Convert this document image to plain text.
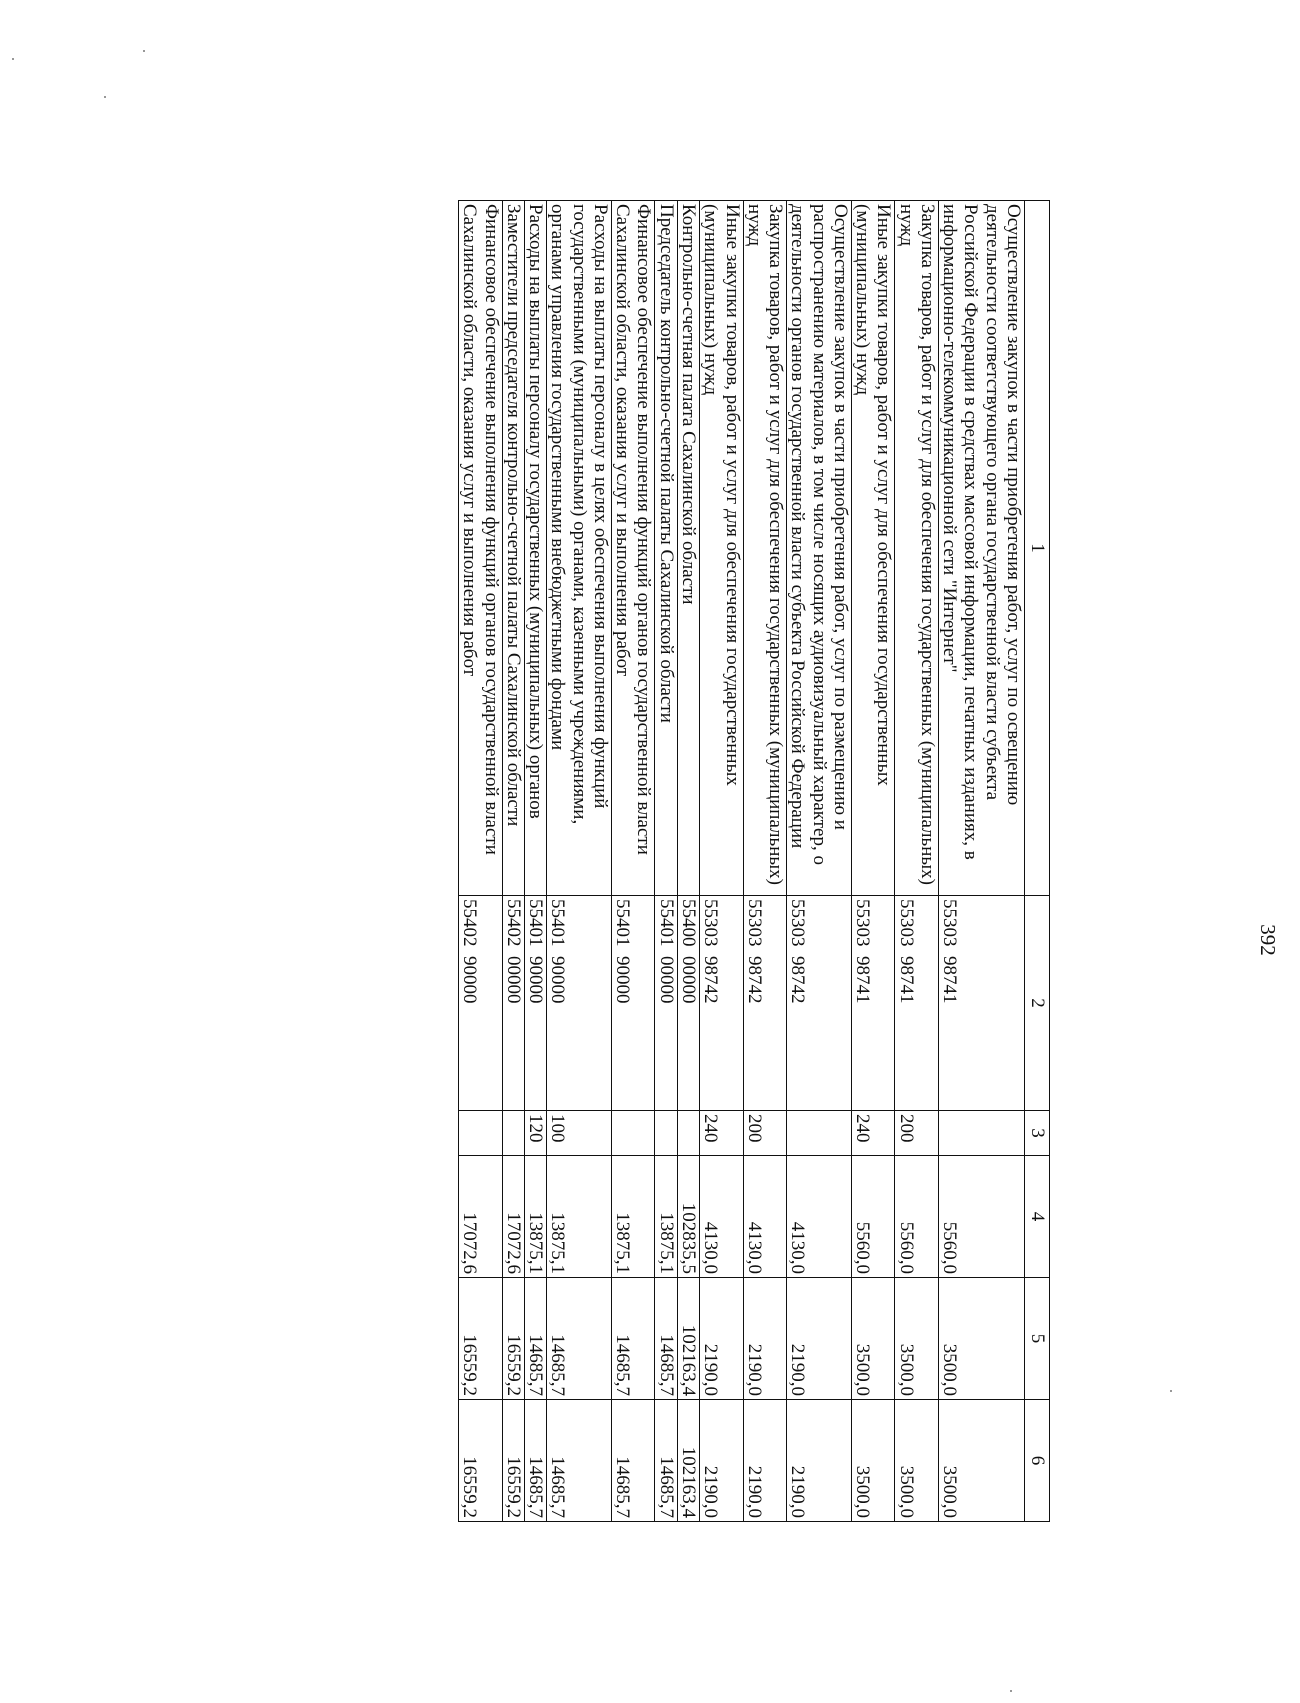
392
1	2	3	4	5	6
Осуществление закупок в части приобретения работ, услуг по освещению деятельности соответствующего органа государственной власти субъекта Российской Федерации в средствах массовой информации, печатных изданиях, в информационно-телекоммуникационной сети "Интернет"	55303  98741		5560,0	3500,0	3500,0
Закупка товаров, работ и услуг для обеспечения государственных (муниципальных) нужд	55303  98741	200	5560,0	3500,0	3500,0
Иные закупки товаров, работ и услуг для обеспечения государственных (муниципальных) нужд	55303  98741	240	5560,0	3500,0	3500,0
Осуществление закупок в части приобретения работ, услуг по размещению и распространению материалов, в том числе носящих аудиовизуальный характер, о деятельности органов государственной власти субъекта Российской Федерации	55303  98742		4130,0	2190,0	2190,0
Закупка товаров, работ и услуг для обеспечения государственных (муниципальных) нужд	55303  98742	200	4130,0	2190,0	2190,0
Иные закупки товаров, работ и услуг для обеспечения государственных (муниципальных) нужд	55303  98742	240	4130,0	2190,0	2190,0
Контрольно-счетная палата Сахалинской области	55400  00000		102835,5	102163,4	102163,4
Председатель контрольно-счетной палаты Сахалинской области	55401  00000		13875,1	14685,7	14685,7
Финансовое обеспечение выполнения функций органов государственной власти Сахалинской области, оказания услуг и выполнения работ	55401  90000		13875,1	14685,7	14685,7
Расходы на выплаты персоналу в целях обеспечения выполнения функций государственными (муниципальными) органами, казенными учреждениями, органами управления государственными внебюджетными фондами	55401  90000	100	13875,1	14685,7	14685,7
Расходы на выплаты персоналу государственных (муниципальных) органов	55401  90000	120	13875,1	14685,7	14685,7
Заместители председателя контрольно-счетной палаты Сахалинской области	55402  00000		17072,6	16559,2	16559,2
Финансовое обеспечение выполнения функций органов государственной власти Сахалинской области, оказания услуг и выполнения работ	55402  90000		17072,6	16559,2	16559,2
